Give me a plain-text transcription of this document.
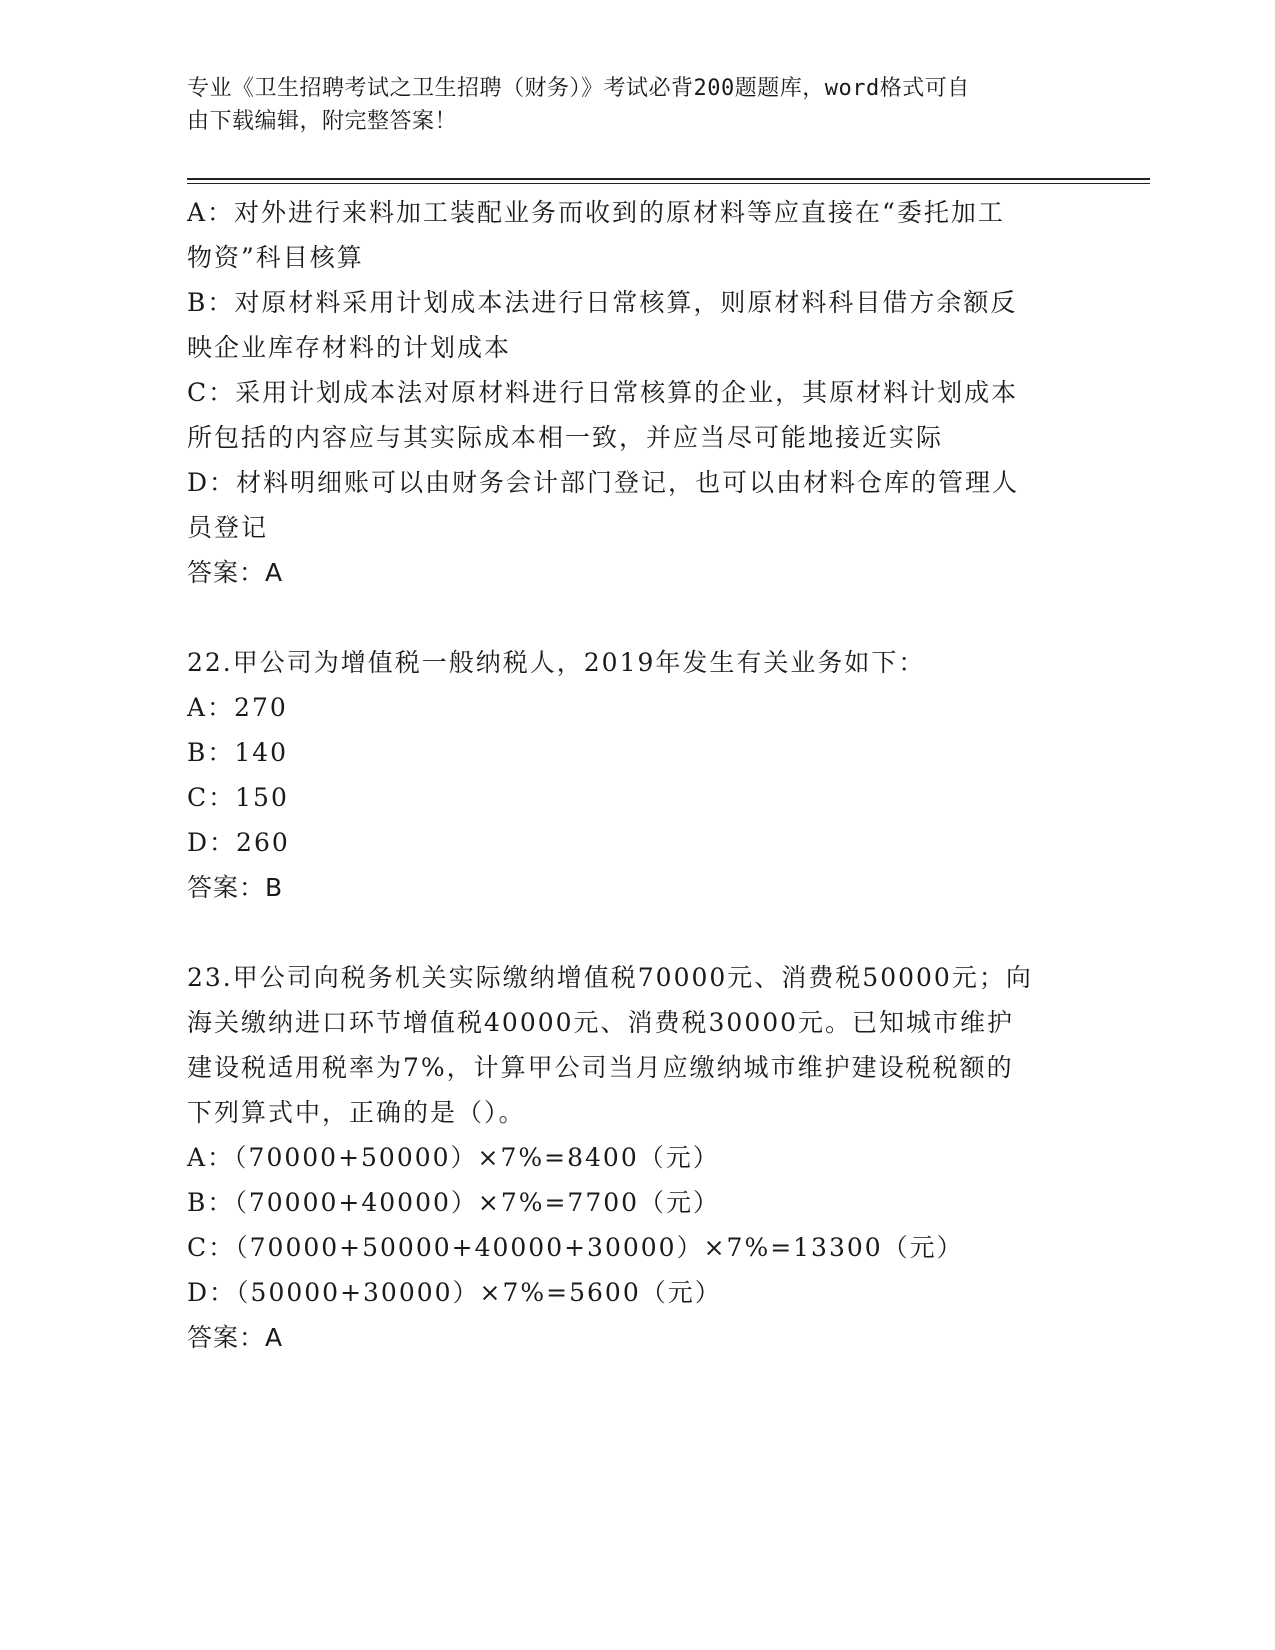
专业《卫生招聘考试之卫生招聘（财务）》考试必背200题题库，word格式可自
由下载编辑，附完整答案！

A：对外进行来料加工装配业务而收到的原材料等应直接在“委托加工

物资”科目核算

B：对原材料采用计划成本法进行日常核算，则原材料科目借方余额反

映企业库存材料的计划成本

C：采用计划成本法对原材料进行日常核算的企业，其原材料计划成本

所包括的内容应与其实际成本相一致，并应当尽可能地接近实际

D：材料明细账可以由财务会计部门登记，也可以由材料仓库的管理人

员登记

答案：A

22.甲公司为增值税一般纳税人，2019年发生有关业务如下：

A：270

B：140

C：150

D：260

答案：B

23.甲公司向税务机关实际缴纳增值税70000元、消费税50000元；向

海关缴纳进口环节增值税40000元、消费税30000元。已知城市维护

建设税适用税率为7%，计算甲公司当月应缴纳城市维护建设税税额的

下列算式中，正确的是（）。

A：（70000+50000）×7%=8400（元）

B：（70000+40000）×7%=7700（元）

C：（70000+50000+40000+30000）×7%=13300（元）

D：（50000+30000）×7%=5600（元）

答案：A
